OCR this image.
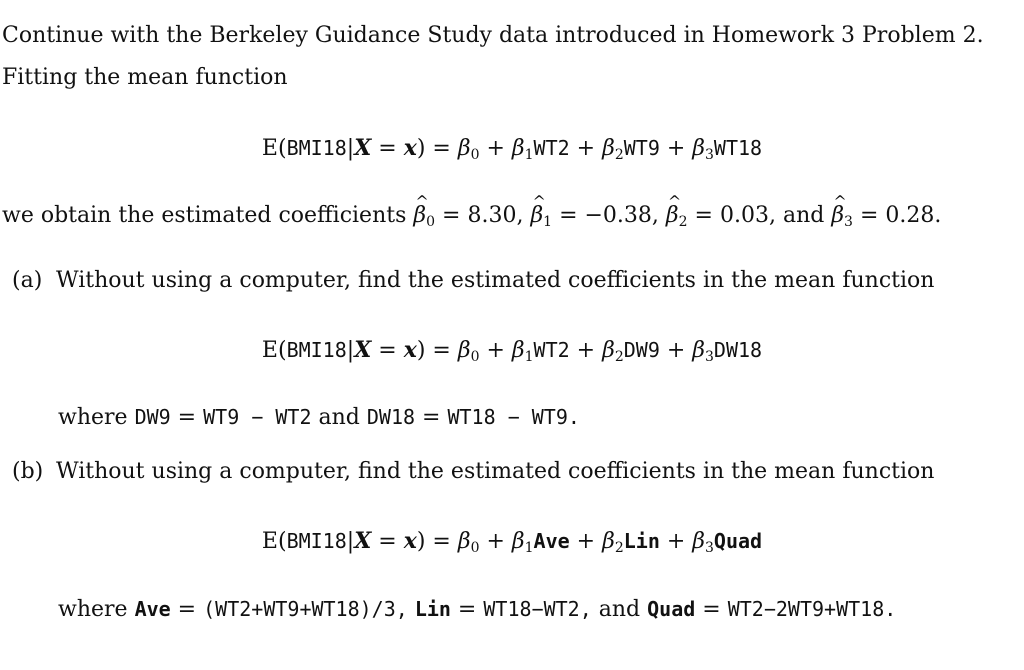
Continue with the Berkeley Guidance Study data introduced in Homework 3 Problem 2.
Fitting the mean function
$E(BMI18|X = x) = \beta_0 + \beta_1WT2 + \beta_2WT9 + \beta_3WT18$
we obtain the estimated coefficients β $\^{}_0 = 8.30$, β $\^{}_1 = -0.38$, β $\^{}_2 = 0.03$, and β $\^{}_3 = 0.28$.
(a) Without using a computer, find the estimated coefficients in the mean function
$E(BMI18|X = x) = \beta_0 + \beta_1WT2 + \beta_2DW9 + \beta_3DW18$
where DW9 = WT9 − WT2 and DW18 = WT18 − WT9.
(b) Without using a computer, find the estimated coefficients in the mean function
$E(BMI18|X = x) = \beta_0 + \beta_1Ave + \beta_2Lin$ + $\beta_3Quad$
where Ave = (WT2+WT9+WT18)/3, Lin = WT18−WT2, and Quad = WT2−2WT9+WT18.
